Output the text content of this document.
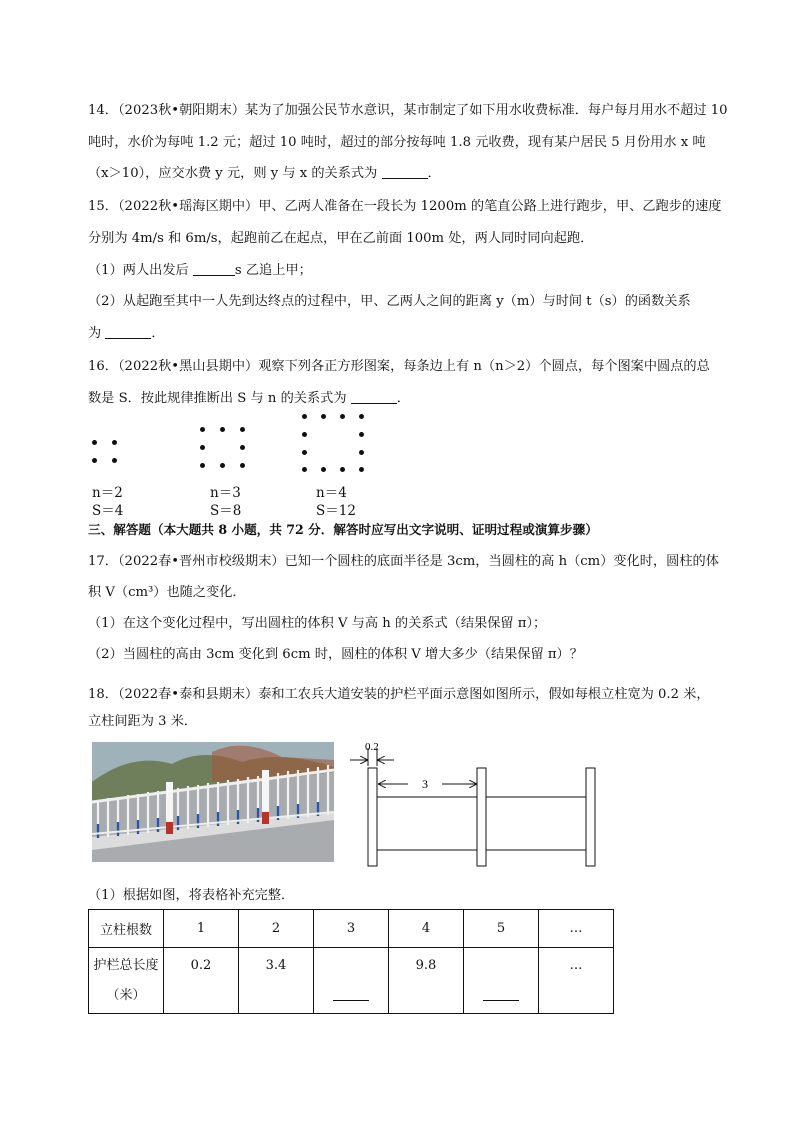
14．（2023秋•朝阳期末）某为了加强公民节水意识，某市制定了如下用水收费标准．每户每月用水不超过 10
吨时，水价为每吨 1.2 元；超过 10 吨时，超过的部分按每吨 1.8 元收费，现有某户居民 5 月份用水 x 吨
（x＞10），应交水费 y 元，则 y 与 x 的关系式为	．
15．（2022秋•瑶海区期中）甲、乙两人准备在一段长为 1200m 的笔直公路上进行跑步，甲、乙跑步的速度
分别为 4m/s 和 6m/s，起跑前乙在起点，甲在乙前面 100m 处，两人同时同向起跑．
（1）两人出发后	s 乙追上甲；
（2）从起跑至其中一人先到达终点的过程中，甲、乙两人之间的距离 y（m）与时间 t（s）的函数关系
为	．
16．（2022秋•黑山县期中）观察下列各正方形图案，每条边上有 n（n＞2）个圆点，每个图案中圆点的总
数是 S．按此规律推断出 S 与 n 的关系式为	．
n＝2
S＝4
n＝3
S＝8
n＝4
S＝12
三、解答题（本大题共 8 小题，共 72 分．解答时应写出文字说明、证明过程或演算步骤）
17．（2022春•晋州市校级期末）已知一个圆柱的底面半径是 3cm，当圆柱的高 h（cm）变化时，圆柱的体
积 V（cm³）也随之变化．
（1）在这个变化过程中，写出圆柱的体积 V 与高 h 的关系式（结果保留 π）；
（2）当圆柱的高由 3cm 变化到 6cm 时，圆柱的体积 V 增大多少（结果保留 π）？
18．（2022春•泰和县期末）泰和工农兵大道安装的护栏平面示意图如图所示，假如每根立柱宽为 0.2 米，
立柱间距为 3 米．
0.2
3
（1）根据如图，将表格补充完整．
立柱根数	1	2	3	4	5	…

护栏总长度
（米）	0.2	3.4		9.8		…
